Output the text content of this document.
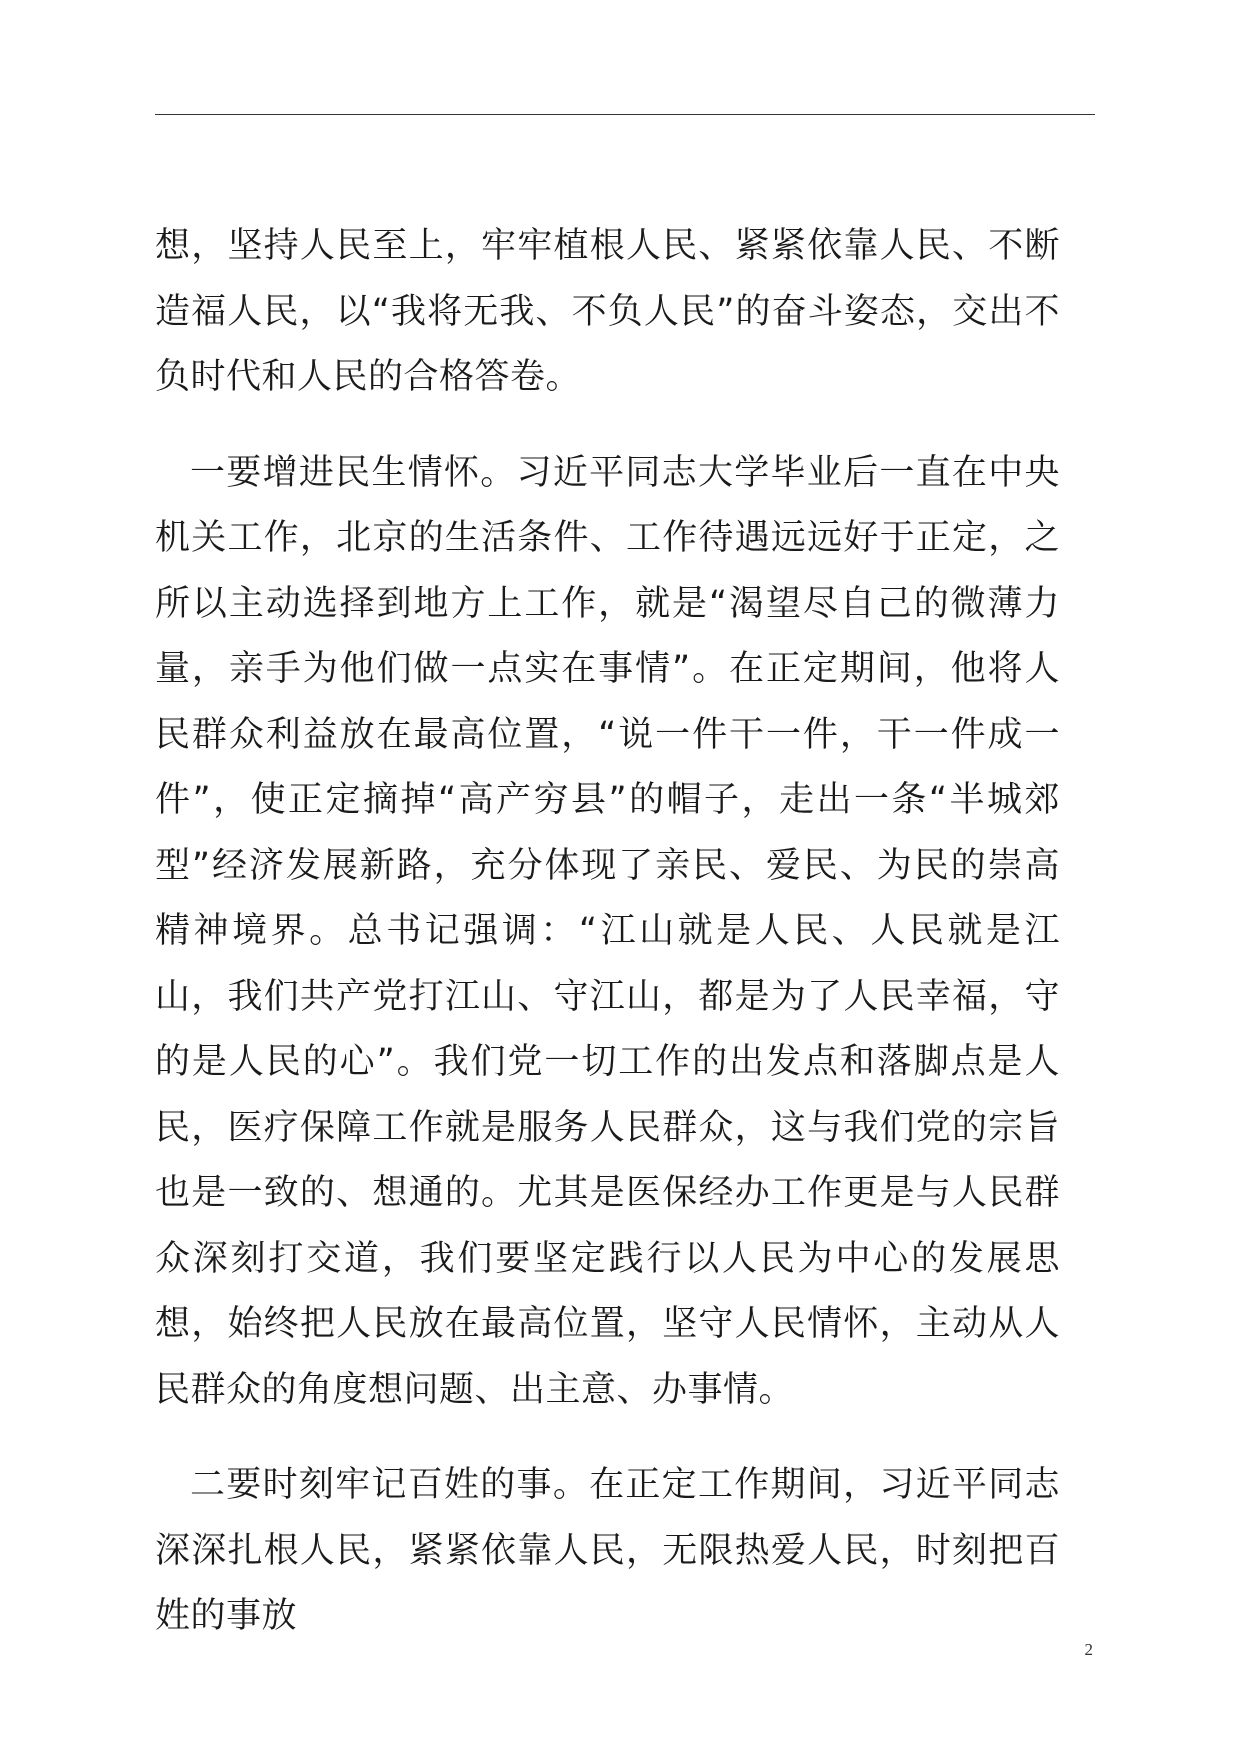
想，坚持人民至上，牢牢植根人民、紧紧依靠人民、不断造福人民，以“我将无我、不负人民”的奋斗姿态，交出不负时代和人民的合格答卷。

一要增进民生情怀。习近平同志大学毕业后一直在中央机关工作，北京的生活条件、工作待遇远远好于正定，之所以主动选择到地方上工作，就是“渴望尽自己的微薄力量，亲手为他们做一点实在事情”。在正定期间，他将人民群众利益放在最高位置，“说一件干一件，干一件成一件”，使正定摘掉“高产穷县”的帽子，走出一条“半城郊型”经济发展新路，充分体现了亲民、爱民、为民的崇高精神境界。总书记强调：“江山就是人民、人民就是江山，我们共产党打江山、守江山，都是为了人民幸福，守的是人民的心”。我们党一切工作的出发点和落脚点是人民，医疗保障工作就是服务人民群众，这与我们党的宗旨也是一致的、想通的。尤其是医保经办工作更是与人民群众深刻打交道，我们要坚定践行以人民为中心的发展思想，始终把人民放在最高位置，坚守人民情怀，主动从人民群众的角度想问题、出主意、办事情。

二要时刻牢记百姓的事。在正定工作期间，习近平同志深深扎根人民，紧紧依靠人民，无限热爱人民，时刻把百姓的事放

2
